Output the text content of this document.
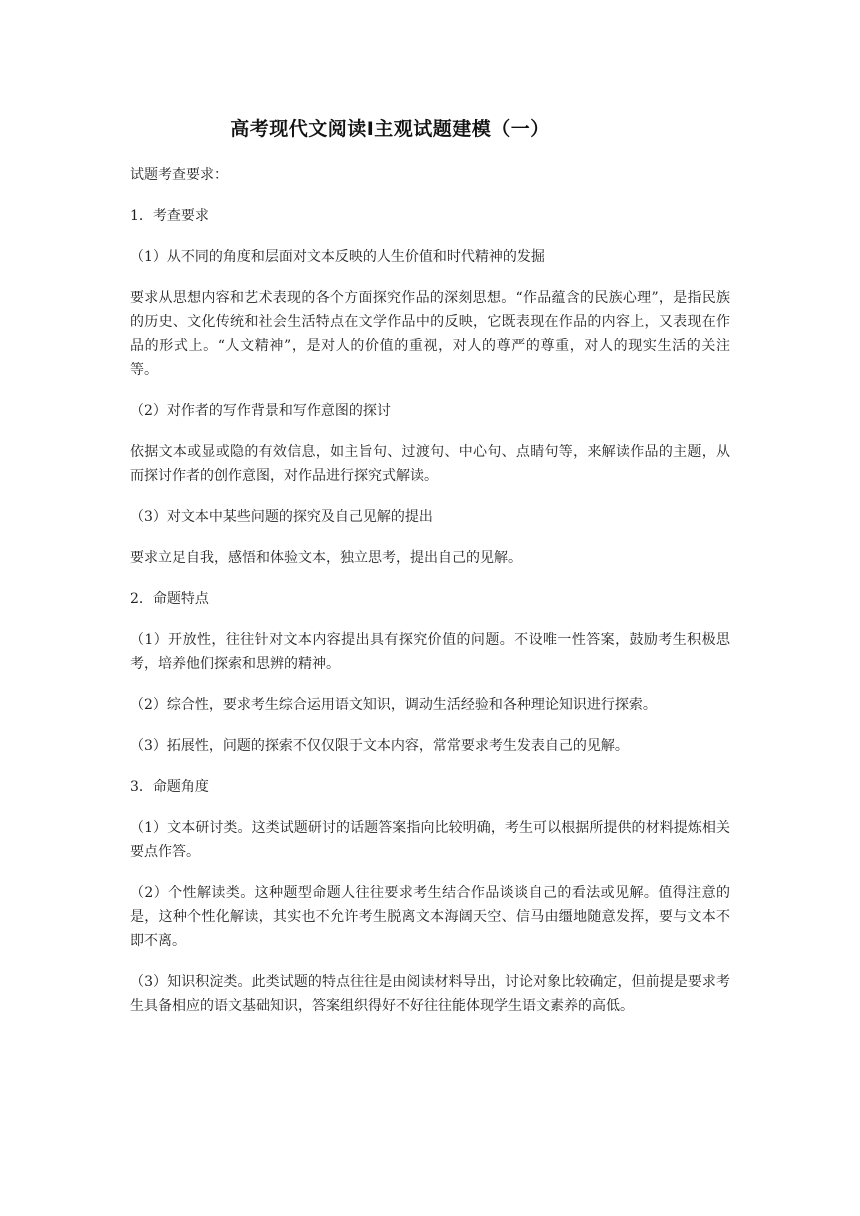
高考现代文阅读Ⅰ主观试题建模（一）

试题考查要求：

1．考查要求

（1）从不同的角度和层面对文本反映的人生价值和时代精神的发掘

要求从思想内容和艺术表现的各个方面探究作品的深刻思想。“作品蕴含的民族心理”，是指民族的历史、文化传统和社会生活特点在文学作品中的反映，它既表现在作品的内容上，又表现在作品的形式上。“人文精神”，是对人的价值的重视，对人的尊严的尊重，对人的现实生活的关注等。

（2）对作者的写作背景和写作意图的探讨

依据文本或显或隐的有效信息，如主旨句、过渡句、中心句、点睛句等，来解读作品的主题，从而探讨作者的创作意图，对作品进行探究式解读。

（3）对文本中某些问题的探究及自己见解的提出

要求立足自我，感悟和体验文本，独立思考，提出自己的见解。

2．命题特点

（1）开放性，往往针对文本内容提出具有探究价值的问题。不设唯一性答案，鼓励考生积极思考，培养他们探索和思辨的精神。

（2）综合性，要求考生综合运用语文知识，调动生活经验和各种理论知识进行探索。

（3）拓展性，问题的探索不仅仅限于文本内容，常常要求考生发表自己的见解。

3．命题角度

（1）文本研讨类。这类试题研讨的话题答案指向比较明确，考生可以根据所提供的材料提炼相关要点作答。

（2）个性解读类。这种题型命题人往往要求考生结合作品谈谈自己的看法或见解。值得注意的是，这种个性化解读，其实也不允许考生脱离文本海阔天空、信马由缰地随意发挥，要与文本不即不离。

（3）知识积淀类。此类试题的特点往往是由阅读材料导出，讨论对象比较确定，但前提是要求考生具备相应的语文基础知识，答案组织得好不好往往能体现学生语文素养的高低。
